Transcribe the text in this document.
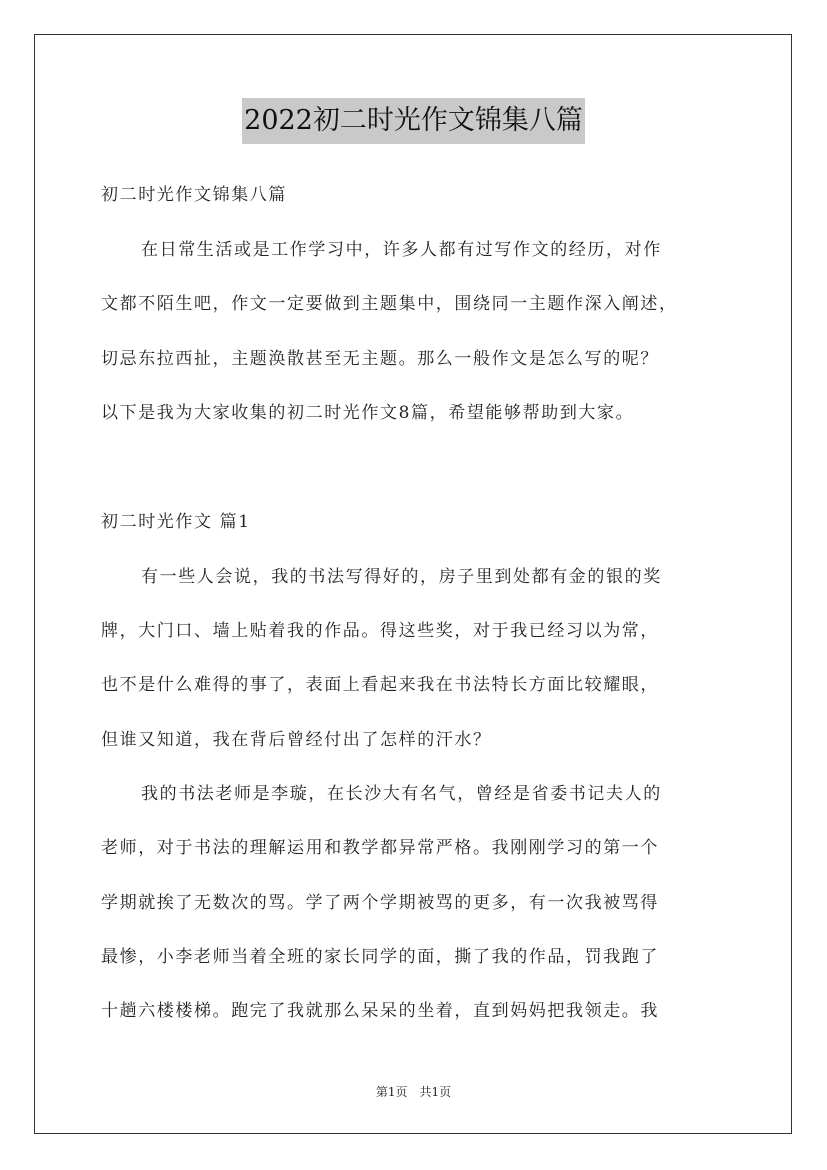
2022初二时光作文锦集八篇
初二时光作文锦集八篇
在日常生活或是工作学习中，许多人都有过写作文的经历，对作
文都不陌生吧，作文一定要做到主题集中，围绕同一主题作深入阐述，
切忌东拉西扯，主题涣散甚至无主题。那么一般作文是怎么写的呢？
以下是我为大家收集的初二时光作文8篇，希望能够帮助到大家。
初二时光作文 篇1
有一些人会说，我的书法写得好的，房子里到处都有金的银的奖
牌，大门口、墙上贴着我的作品。得这些奖，对于我已经习以为常，
也不是什么难得的事了，表面上看起来我在书法特长方面比较耀眼，
但谁又知道，我在背后曾经付出了怎样的汗水？
我的书法老师是李璇，在长沙大有名气，曾经是省委书记夫人的
老师，对于书法的理解运用和教学都异常严格。我刚刚学习的第一个
学期就挨了无数次的骂。学了两个学期被骂的更多，有一次我被骂得
最惨，小李老师当着全班的家长同学的面，撕了我的作品，罚我跑了
十趟六楼楼梯。跑完了我就那么呆呆的坐着，直到妈妈把我领走。我
第1页 共1页
